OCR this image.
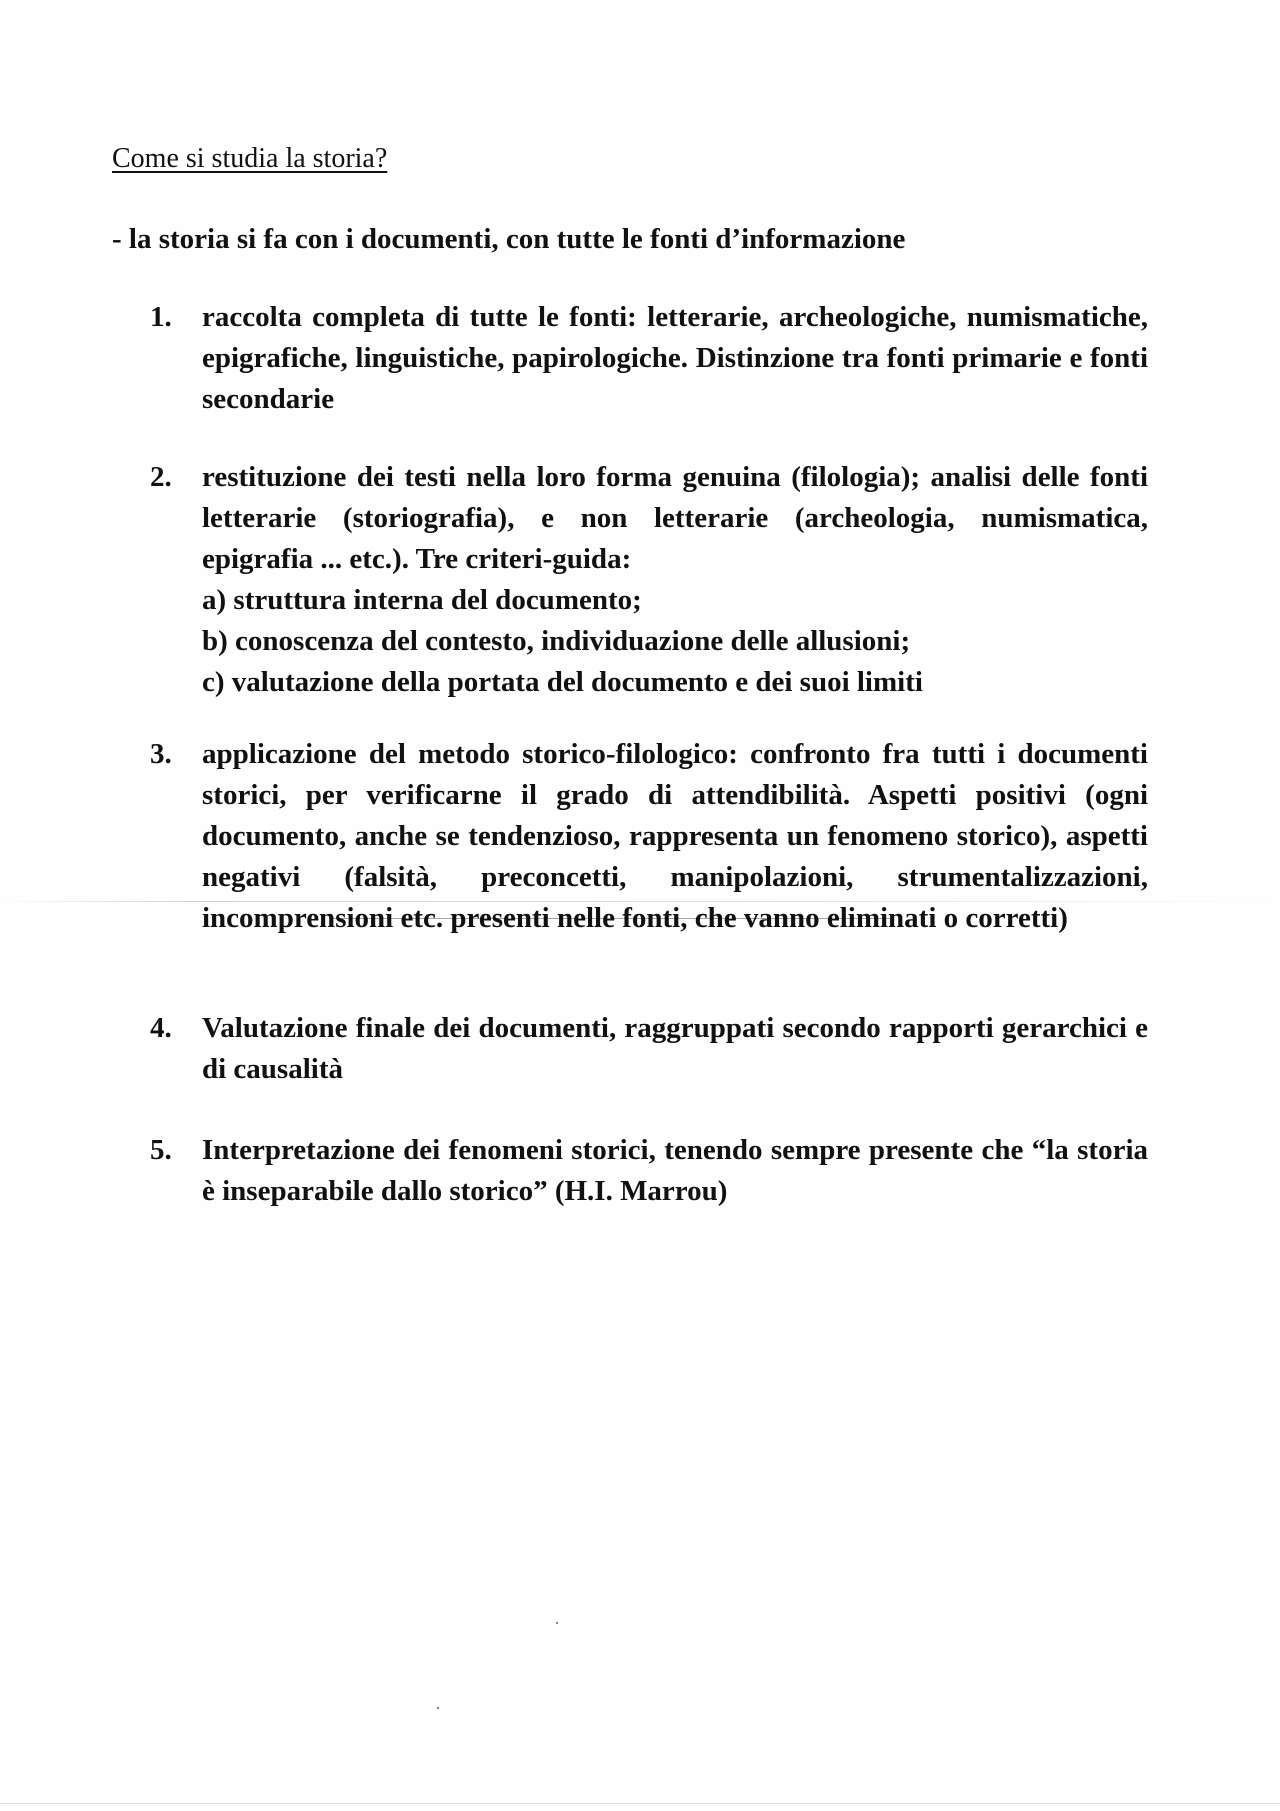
Come si studia la storia?

- la storia si fa con i documenti, con tutte le fonti d’informazione

1.	raccolta completa di tutte le fonti: letterarie, archeologiche, numismatiche, epigrafiche, linguistiche, papirologiche. Distinzione tra fonti primarie e fonti secondarie

2.	restituzione dei testi nella loro forma genuina (filologia); analisi delle fonti letterarie (storiografia), e non letterarie (archeologia, numismatica, epigrafia ... etc.). Tre criteri-guida:

a) struttura interna del documento;

b) conoscenza del contesto, individuazione delle allusioni;

c) valutazione della portata del documento e dei suoi limiti

3.	applicazione del metodo storico-filologico: confronto fra tutti i documenti storici, per verificarne il grado di attendibilità. Aspetti positivi (ogni documento, anche se tendenzioso, rappresenta un fenomeno storico), aspetti negativi (falsità, preconcetti, manipolazioni, strumentalizzazioni, incomprensioni etc. presenti nelle fonti, che vanno eliminati o corretti)

4.	Valutazione finale dei documenti, raggruppati secondo rapporti gerarchici e di causalità

5.	Interpretazione dei fenomeni storici, tenendo sempre presente che “la storia è inseparabile dallo storico” (H.I. Marrou)
